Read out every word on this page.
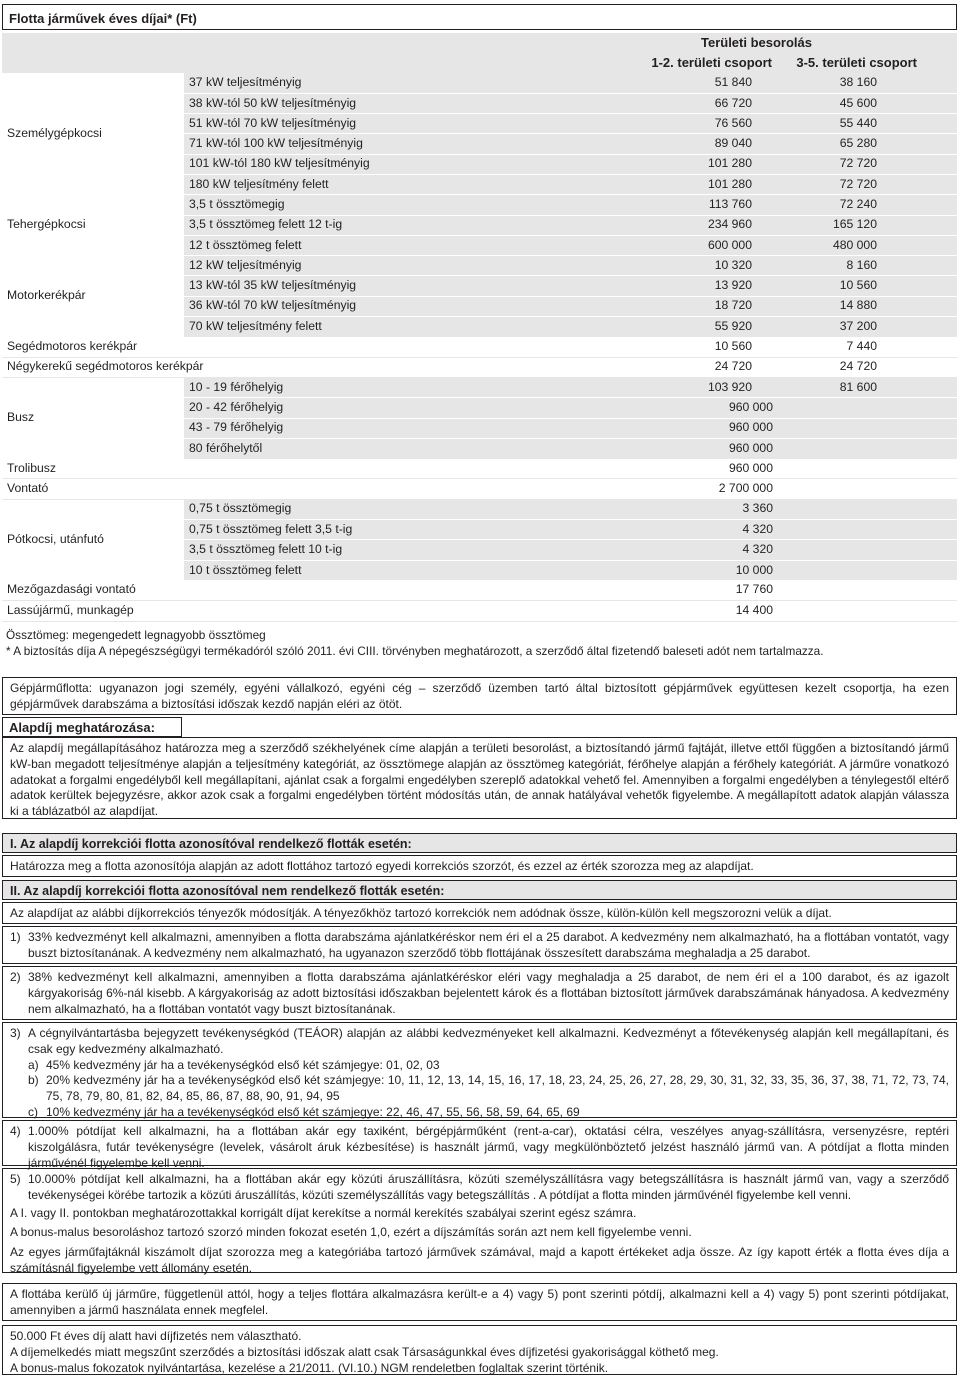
Flotta járművek éves díjai* (Ft)
		Területi besorolás	
		1-2. területi csoport	3-5. területi csoport
Személygépkocsi	37 kW teljesítményig	51 840	38 160
	38 kW-tól 50 kW teljesítményig	66 720	45 600
	51 kW-tól 70 kW teljesítményig	76 560	55 440
	71 kW-tól 100 kW teljesítményig	89 040	65 280
	101 kW-tól 180 kW teljesítményig	101 280	72 720
	180 kW teljesítmény felett	101 280	72 720
Tehergépkocsi	3,5 t össztömegig	113 760	72 240
	3,5 t össztömeg felett 12 t-ig	234 960	165 120
	12 t össztömeg felett	600 000	480 000
Motorkerékpár	12 kW teljesítményig	10 320	8 160
	13 kW-tól 35 kW teljesítményig	13 920	10 560
	36 kW-tól 70 kW teljesítményig	18 720	14 880
	70 kW teljesítmény felett	55 920	37 200
Segédmotoros kerékpár		10 560	7 440
Négykerekű segédmotoros kerékpár		24 720	24 720
Busz	10 - 19 férőhelyig	103 920	81 600
	20 - 42 férőhelyig	960 000	
	43 - 79 férőhelyig	960 000	
	80 férőhelytől	960 000	
Trolibusz		960 000	
Vontató		2 700 000	
Pótkocsi, utánfutó	0,75 t össztömegig	3 360	
	0,75 t össztömeg felett 3,5 t-ig	4 320	
	3,5 t össztömeg felett 10 t-ig	4 320	
	10 t össztömeg felett	10 000	
Mezőgazdasági vontató		17 760	
Lassújármű, munkagép		14 400	
Össztömeg: megengedett legnagyobb össztömeg
* A biztosítás díja A népegészségügyi termékadóról szóló 2011. évi CIII. törvényben meghatározott, a szerződő által fizetendő baleseti adót nem tartalmazza.
Gépjárműflotta: ugyanazon jogi személy, egyéni vállalkozó, egyéni cég – szerződő üzemben tartó által biztosított gépjárművek együttesen kezelt csoportja, ha ezen gépjárművek darabszáma a biztosítási időszak kezdő napján eléri az ötöt.
Alapdíj meghatározása:
Az alapdíj megállapításához határozza meg a szerződő székhelyének címe alapján a területi besorolást, a biztosítandó jármű fajtáját, illetve ettől függően a biztosítandó jármű kW-ban megadott teljesítménye alapján a teljesítmény kategóriát, az össztömege alapján az össztömeg kategóriát, férőhelye alapján a férőhely kategóriát. A járműre vonatkozó adatokat a forgalmi engedélyből kell megállapítani, ajánlat csak a forgalmi engedélyben szereplő adatokkal vehető fel. Amennyiben a forgalmi engedélyben a ténylegestől eltérő adatok kerültek bejegyzésre, akkor azok csak a forgalmi engedélyben történt módosítás után, de annak hatályával vehetők figyelembe. A megállapított adatok alapján válassza ki a táblázatból az alapdíjat.
I. Az alapdíj korrekciói flotta azonosítóval rendelkező flották esetén:
Határozza meg a flotta azonosítója alapján az adott flottához tartozó egyedi korrekciós szorzót, és ezzel az érték szorozza meg az alapdíjat.
II. Az alapdíj korrekciói flotta azonosítóval nem rendelkező flották esetén:
Az alapdíjat az alábbi díjkorrekciós tényezők módosítják. A tényezőkhöz tartozó korrekciók nem adódnak össze, külön-külön kell megszorozni velük a díjat.
1) 33% kedvezményt kell alkalmazni, amennyiben a flotta darabszáma ajánlatkéréskor nem éri el a 25 darabot. A kedvezmény nem alkalmazható, ha a flottában vontatót, vagy buszt biztosítanának. A kedvezmény nem alkalmazható, ha ugyanazon szerződő több flottájának összesített darabszáma meghaladja a 25 darabot.
2) 38% kedvezményt kell alkalmazni, amennyiben a flotta darabszáma ajánlatkéréskor eléri vagy meghaladja a 25 darabot, de nem éri el a 100 darabot, és az igazolt kárgyakoriság 6%-nál kisebb. A kárgyakoriság az adott biztosítási időszakban bejelentett károk és a flottában biztosított járművek darabszámának hányadosa. A kedvezmény nem alkalmazható, ha a flottában vontatót vagy buszt biztosítanának.
3) A cégnyilvántartásba bejegyzett tevékenységkód (TEÁOR) alapján az alábbi kedvezményeket kell alkalmazni. Kedvezményt a főtevékenység alapján kell megállapítani, és csak egy kedvezmény alkalmazható.
a) 45% kedvezmény jár ha a tevékenységkód első két számjegye: 01, 02, 03
b) 20% kedvezmény jár ha a tevékenységkód első két számjegye: 10, 11, 12, 13, 14, 15, 16, 17, 18, 23, 24, 25, 26, 27, 28, 29, 30, 31, 32, 33, 35, 36, 37, 38, 71, 72, 73, 74, 75, 78, 79, 80, 81, 82, 84, 85, 86, 87, 88, 90, 91, 94, 95
c) 10% kedvezmény jár ha a tevékenységkód első két számjegye: 22, 46, 47, 55, 56, 58, 59, 64, 65, 69
4) 1.000% pótdíjat kell alkalmazni, ha a flottában akár egy taxiként, bérgépjárműként (rent-a-car), oktatási célra, veszélyes anyag-szállításra, versenyzésre, reptéri kiszolgálásra, futár tevékenységre (levelek, vásárolt áruk kézbesítése) is használt jármű, vagy megkülönböztető jelzést használó jármű van. A pótdíjat a flotta minden járművénél figyelembe kell venni.
5) 10.000% pótdíjat kell alkalmazni, ha a flottában akár egy közúti áruszállításra, közúti személyszállításra vagy betegszállításra is használt jármű van, vagy a szerződő tevékenységei körébe tartozik a közúti áruszállítás, közúti személyszállítás vagy betegszállítás . A pótdíjat a flotta minden járművénél figyelembe kell venni.
A I. vagy II. pontokban meghatározottakkal korrigált díjat kerekítse a normál kerekítés szabályai szerint egész számra.
A bonus-malus besoroláshoz tartozó szorzó minden fokozat esetén 1,0, ezért a díjszámítás során azt nem kell figyelembe venni.
Az egyes járműfajtáknál kiszámolt díjat szorozza meg a kategóriába tartozó járművek számával, majd a kapott értékeket adja össze. Az így kapott érték a flotta éves díja a számításnál figyelembe vett állomány esetén.
A flottába kerülő új járműre, függetlenül attól, hogy a teljes flottára alkalmazásra került-e a 4) vagy 5) pont szerinti pótdíj, alkalmazni kell a 4) vagy 5) pont szerinti pótdíjakat, amennyiben a jármű használata ennek megfelel.
50.000 Ft éves díj alatt havi díjfizetés nem választható.
A díjemelkedés miatt megszűnt szerződés a biztosítási időszak alatt csak Társaságunkkal éves díjfizetési gyakorisággal köthető meg.
A bonus-malus fokozatok nyilvántartása, kezelése a 21/2011. (VI.10.) NGM rendeletben foglaltak szerint történik.
